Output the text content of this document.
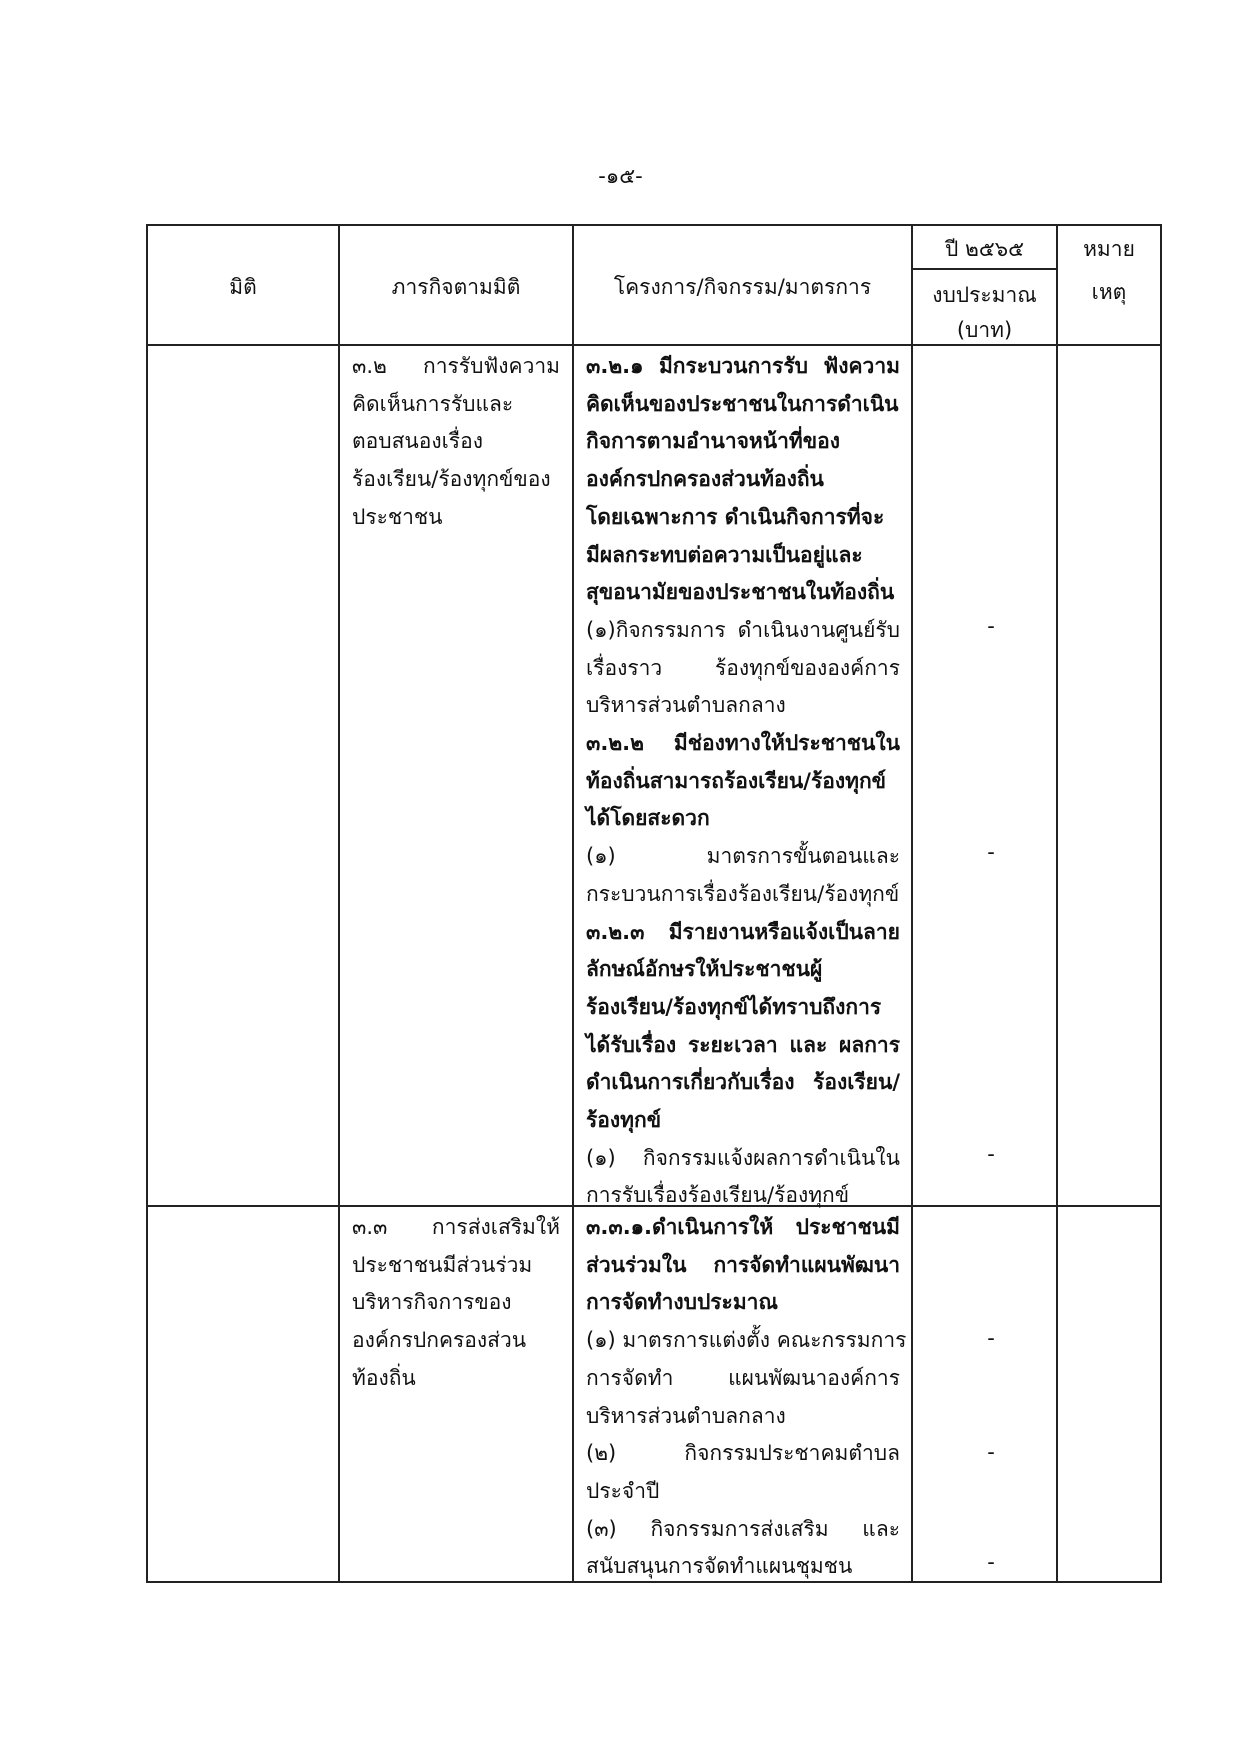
-๑๕-
มิติ	ภารกิจตามมิติ	โครงการ/กิจกรรม/มาตรการ
ปี ๒๕๖๕
งบประมาณ
(บาท)
หมาย
เหตุ
๓.๒ การรับฟังความ
คิดเห็นการรับและ
ตอบสนองเรื่อง
ร้องเรียน/ร้องทุกข์ของ
ประชาชน
๓.๒.๑ มีกระบวนการรับ ฟังความ
คิดเห็นของประชาชนในการดำเนิน
กิจการตามอำนาจหน้าที่ของ
องค์กรปกครองส่วนท้องถิ่น
โดยเฉพาะการ ดำเนินกิจการที่จะ
มีผลกระทบต่อความเป็นอยู่และ
สุขอนามัยของประชาชนในท้องถิ่น
(๑)กิจกรรมการ ดำเนินงานศูนย์รับ
เรื่องราว ร้องทุกข์ขององค์การ
บริหารส่วนตำบลกลาง
๓.๒.๒ มีช่องทางให้ประชาชนใน
ท้องถิ่นสามารถร้องเรียน/ร้องทุกข์
ได้โดยสะดวก
(๑) มาตรการขั้นตอนและ
กระบวนการเรื่องร้องเรียน/ร้องทุกข์
๓.๒.๓ มีรายงานหรือแจ้งเป็นลาย
ลักษณ์อักษรให้ประชาชนผู้
ร้องเรียน/ร้องทุกข์ได้ทราบถึงการ
ได้รับเรื่อง ระยะเวลา และ ผลการ
ดำเนินการเกี่ยวกับเรื่อง ร้องเรียน/
ร้องทุกข์
(๑) กิจกรรมแจ้งผลการดำเนินใน
การรับเรื่องร้องเรียน/ร้องทุกข์
-
-
-
๓.๓ การส่งเสริมให้
ประชาชนมีส่วนร่วม
บริหารกิจการของ
องค์กรปกครองส่วน
ท้องถิ่น
๓.๓.๑.ดำเนินการให้ ประชาชนมี
ส่วนร่วมใน การจัดทำแผนพัฒนา
การจัดทำงบประมาณ
(๑) มาตรการแต่งตั้ง คณะกรรมการ
การจัดทำ แผนพัฒนาองค์การ
บริหารส่วนตำบลกลาง
(๒) กิจกรรมประชาคมตำบล
ประจำปี
(๓) กิจกรรมการส่งเสริม และ
สนับสนุนการจัดทำแผนชุมชน
-
-
-
